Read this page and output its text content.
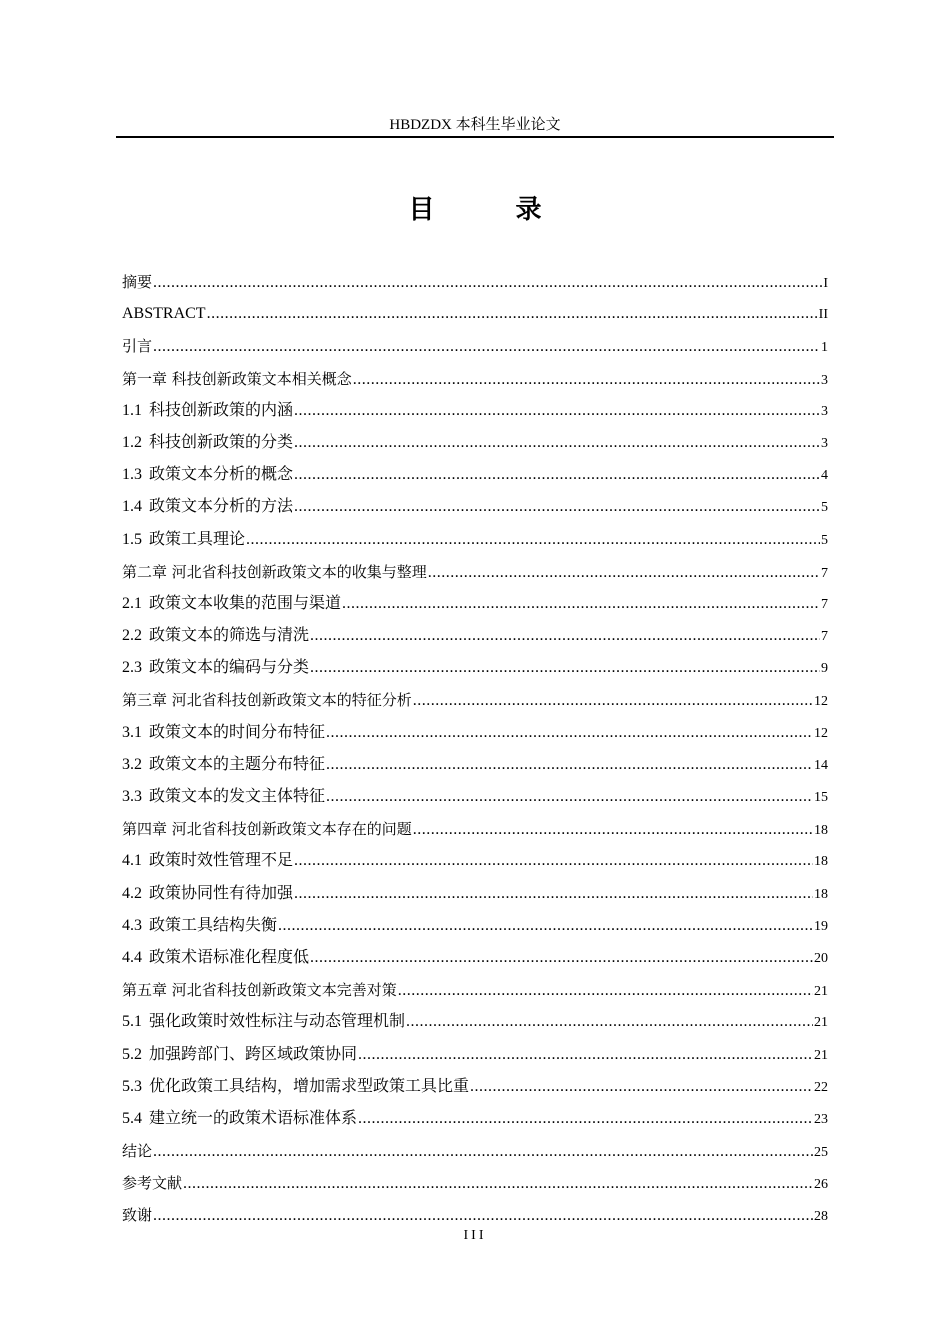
HBDZDX 本科生毕业论文
目 录
摘要 .....	I
ABSTRACT .....	II
引言 .....	1
第一章 科技创新政策文本相关概念 .....	3
1.1 科技创新政策的内涵 .....	3
1.2 科技创新政策的分类 .....	3
1.3 政策文本分析的概念 .....	4
1.4 政策文本分析的方法 .....	5
1.5 政策工具理论 .....	5
第二章 河北省科技创新政策文本的收集与整理 .....	7
2.1 政策文本收集的范围与渠道 .....	7
2.2 政策文本的筛选与清洗 .....	7
2.3 政策文本的编码与分类 .....	9
第三章 河北省科技创新政策文本的特征分析 .....	12
3.1 政策文本的时间分布特征 .....	12
3.2 政策文本的主题分布特征 .....	14
3.3 政策文本的发文主体特征 .....	15
第四章 河北省科技创新政策文本存在的问题 .....	18
4.1 政策时效性管理不足 .....	18
4.2 政策协同性有待加强 .....	18
4.3 政策工具结构失衡 .....	19
4.4 政策术语标准化程度低 .....	20
第五章 河北省科技创新政策文本完善对策 .....	21
5.1 强化政策时效性标注与动态管理机制 .....	21
5.2 加强跨部门、跨区域政策协同 .....	21
5.3 优化政策工具结构，增加需求型政策工具比重 .....	22
5.4 建立统一的政策术语标准体系 .....	23
结论 .....	25
参考文献 .....	26
致谢 .....	28
III
